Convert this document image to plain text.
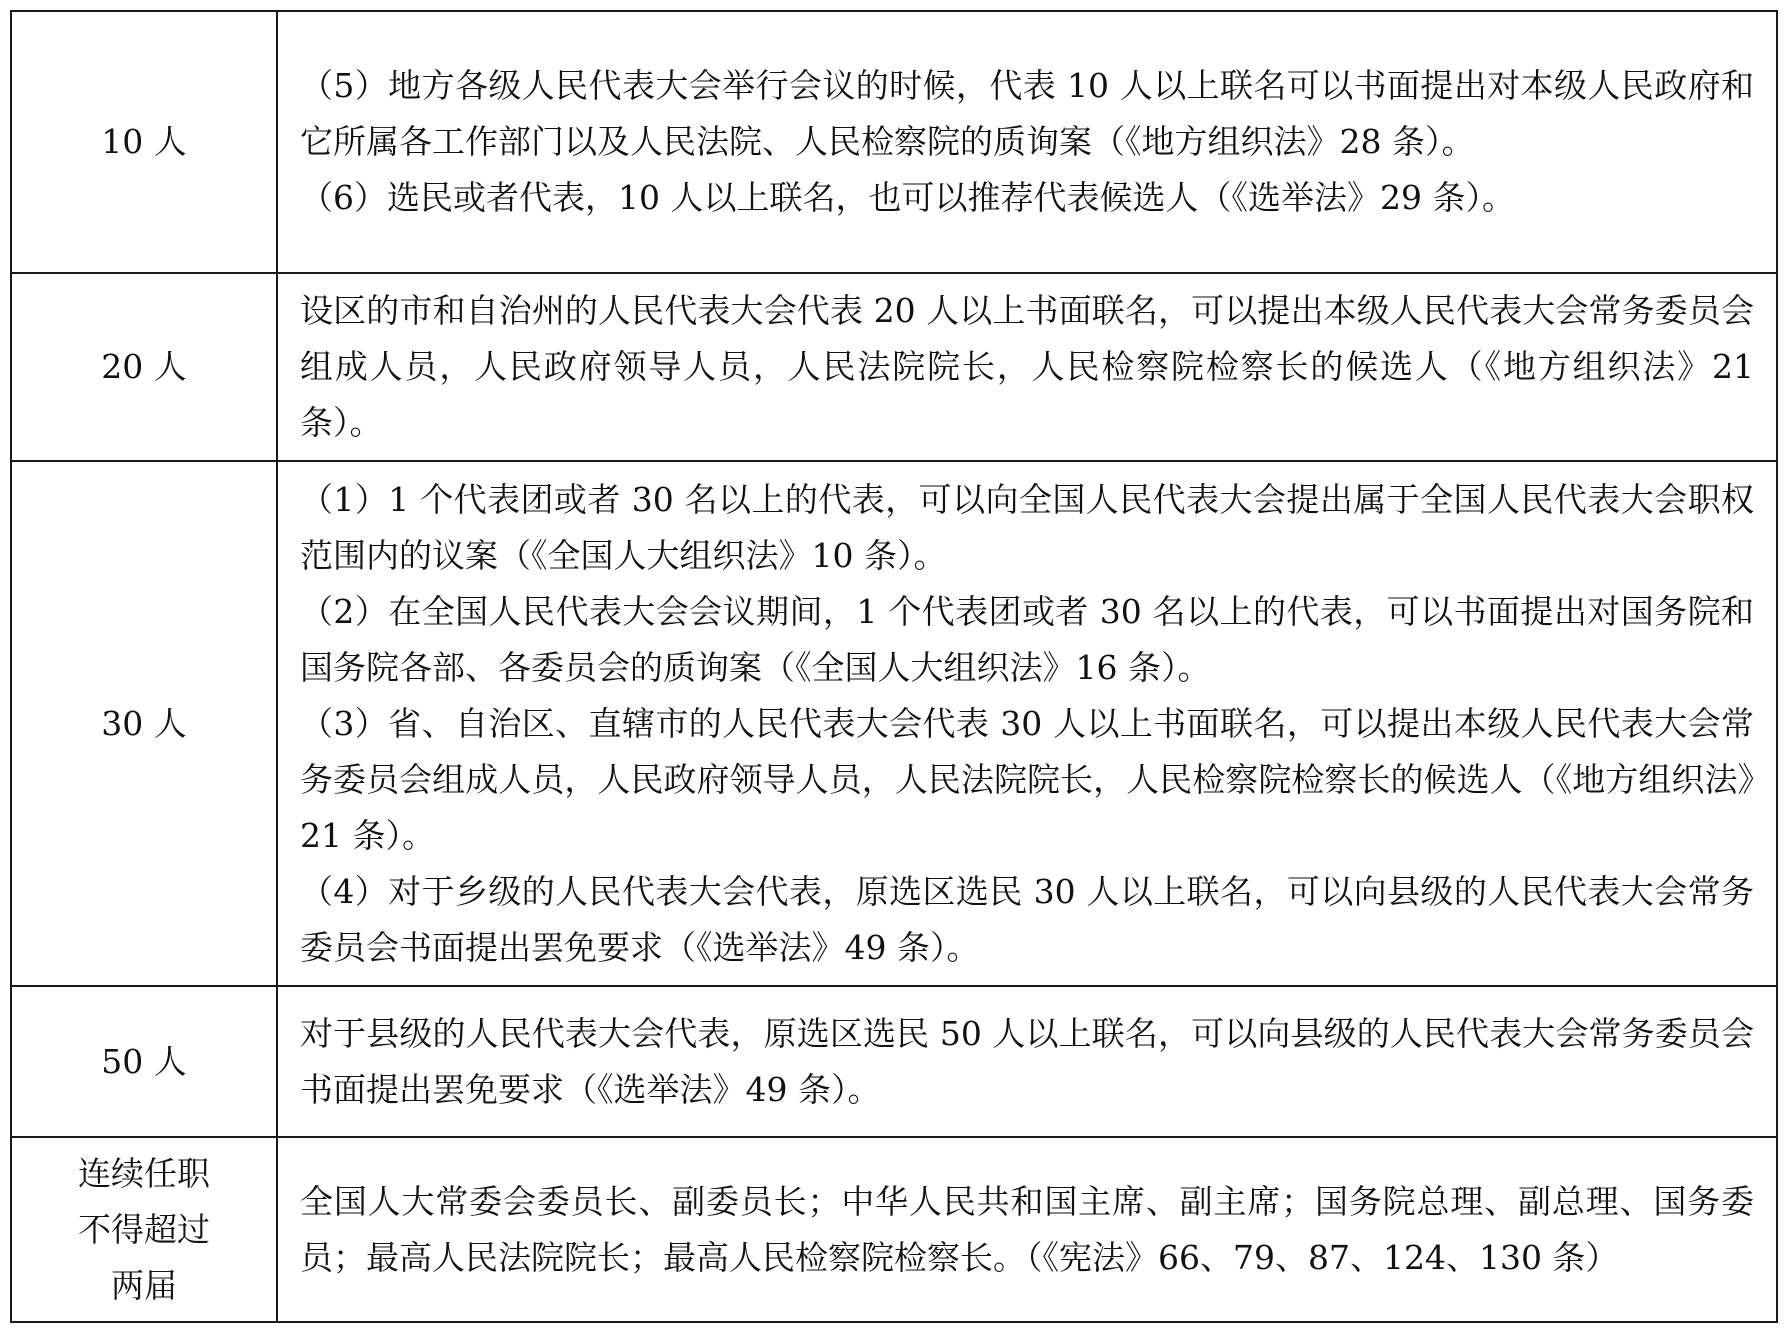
10 人	（5）地方各级人民代表大会举行会议的时候，代表 10 人以上联名可以书面提出对本级人民政府和它所属各工作部门以及人民法院、人民检察院的质询案（《地方组织法》28 条）。

（6）选民或者代表，10 人以上联名，也可以推荐代表候选人（《选举法》29 条）。

20 人	设区的市和自治州的人民代表大会代表 20 人以上书面联名，可以提出本级人民代表大会常务委员会组成人员，人民政府领导人员，人民法院院长，人民检察院检察长的候选人（《地方组织法》21 条）。

30 人	（1）1 个代表团或者 30 名以上的代表，可以向全国人民代表大会提出属于全国人民代表大会职权范围内的议案（《全国人大组织法》10 条）。

（2）在全国人民代表大会会议期间，1 个代表团或者 30 名以上的代表，可以书面提出对国务院和国务院各部、各委员会的质询案（《全国人大组织法》16 条）。

（3）省、自治区、直辖市的人民代表大会代表 30 人以上书面联名，可以提出本级人民代表大会常务委员会组成人员，人民政府领导人员，人民法院院长，人民检察院检察长的候选人（《地方组织法》21 条）。

（4）对于乡级的人民代表大会代表，原选区选民 30 人以上联名，可以向县级的人民代表大会常务委员会书面提出罢免要求（《选举法》49 条）。

50 人	对于县级的人民代表大会代表，原选区选民 50 人以上联名，可以向县级的人民代表大会常务委员会书面提出罢免要求（《选举法》49 条）。

连续任职
不得超过
两届	全国人大常委会委员长、副委员长；中华人民共和国主席、副主席；国务院总理、副总理、国务委员；最高人民法院院长；最高人民检察院检察长。（《宪法》66、79、87、124、130 条）
